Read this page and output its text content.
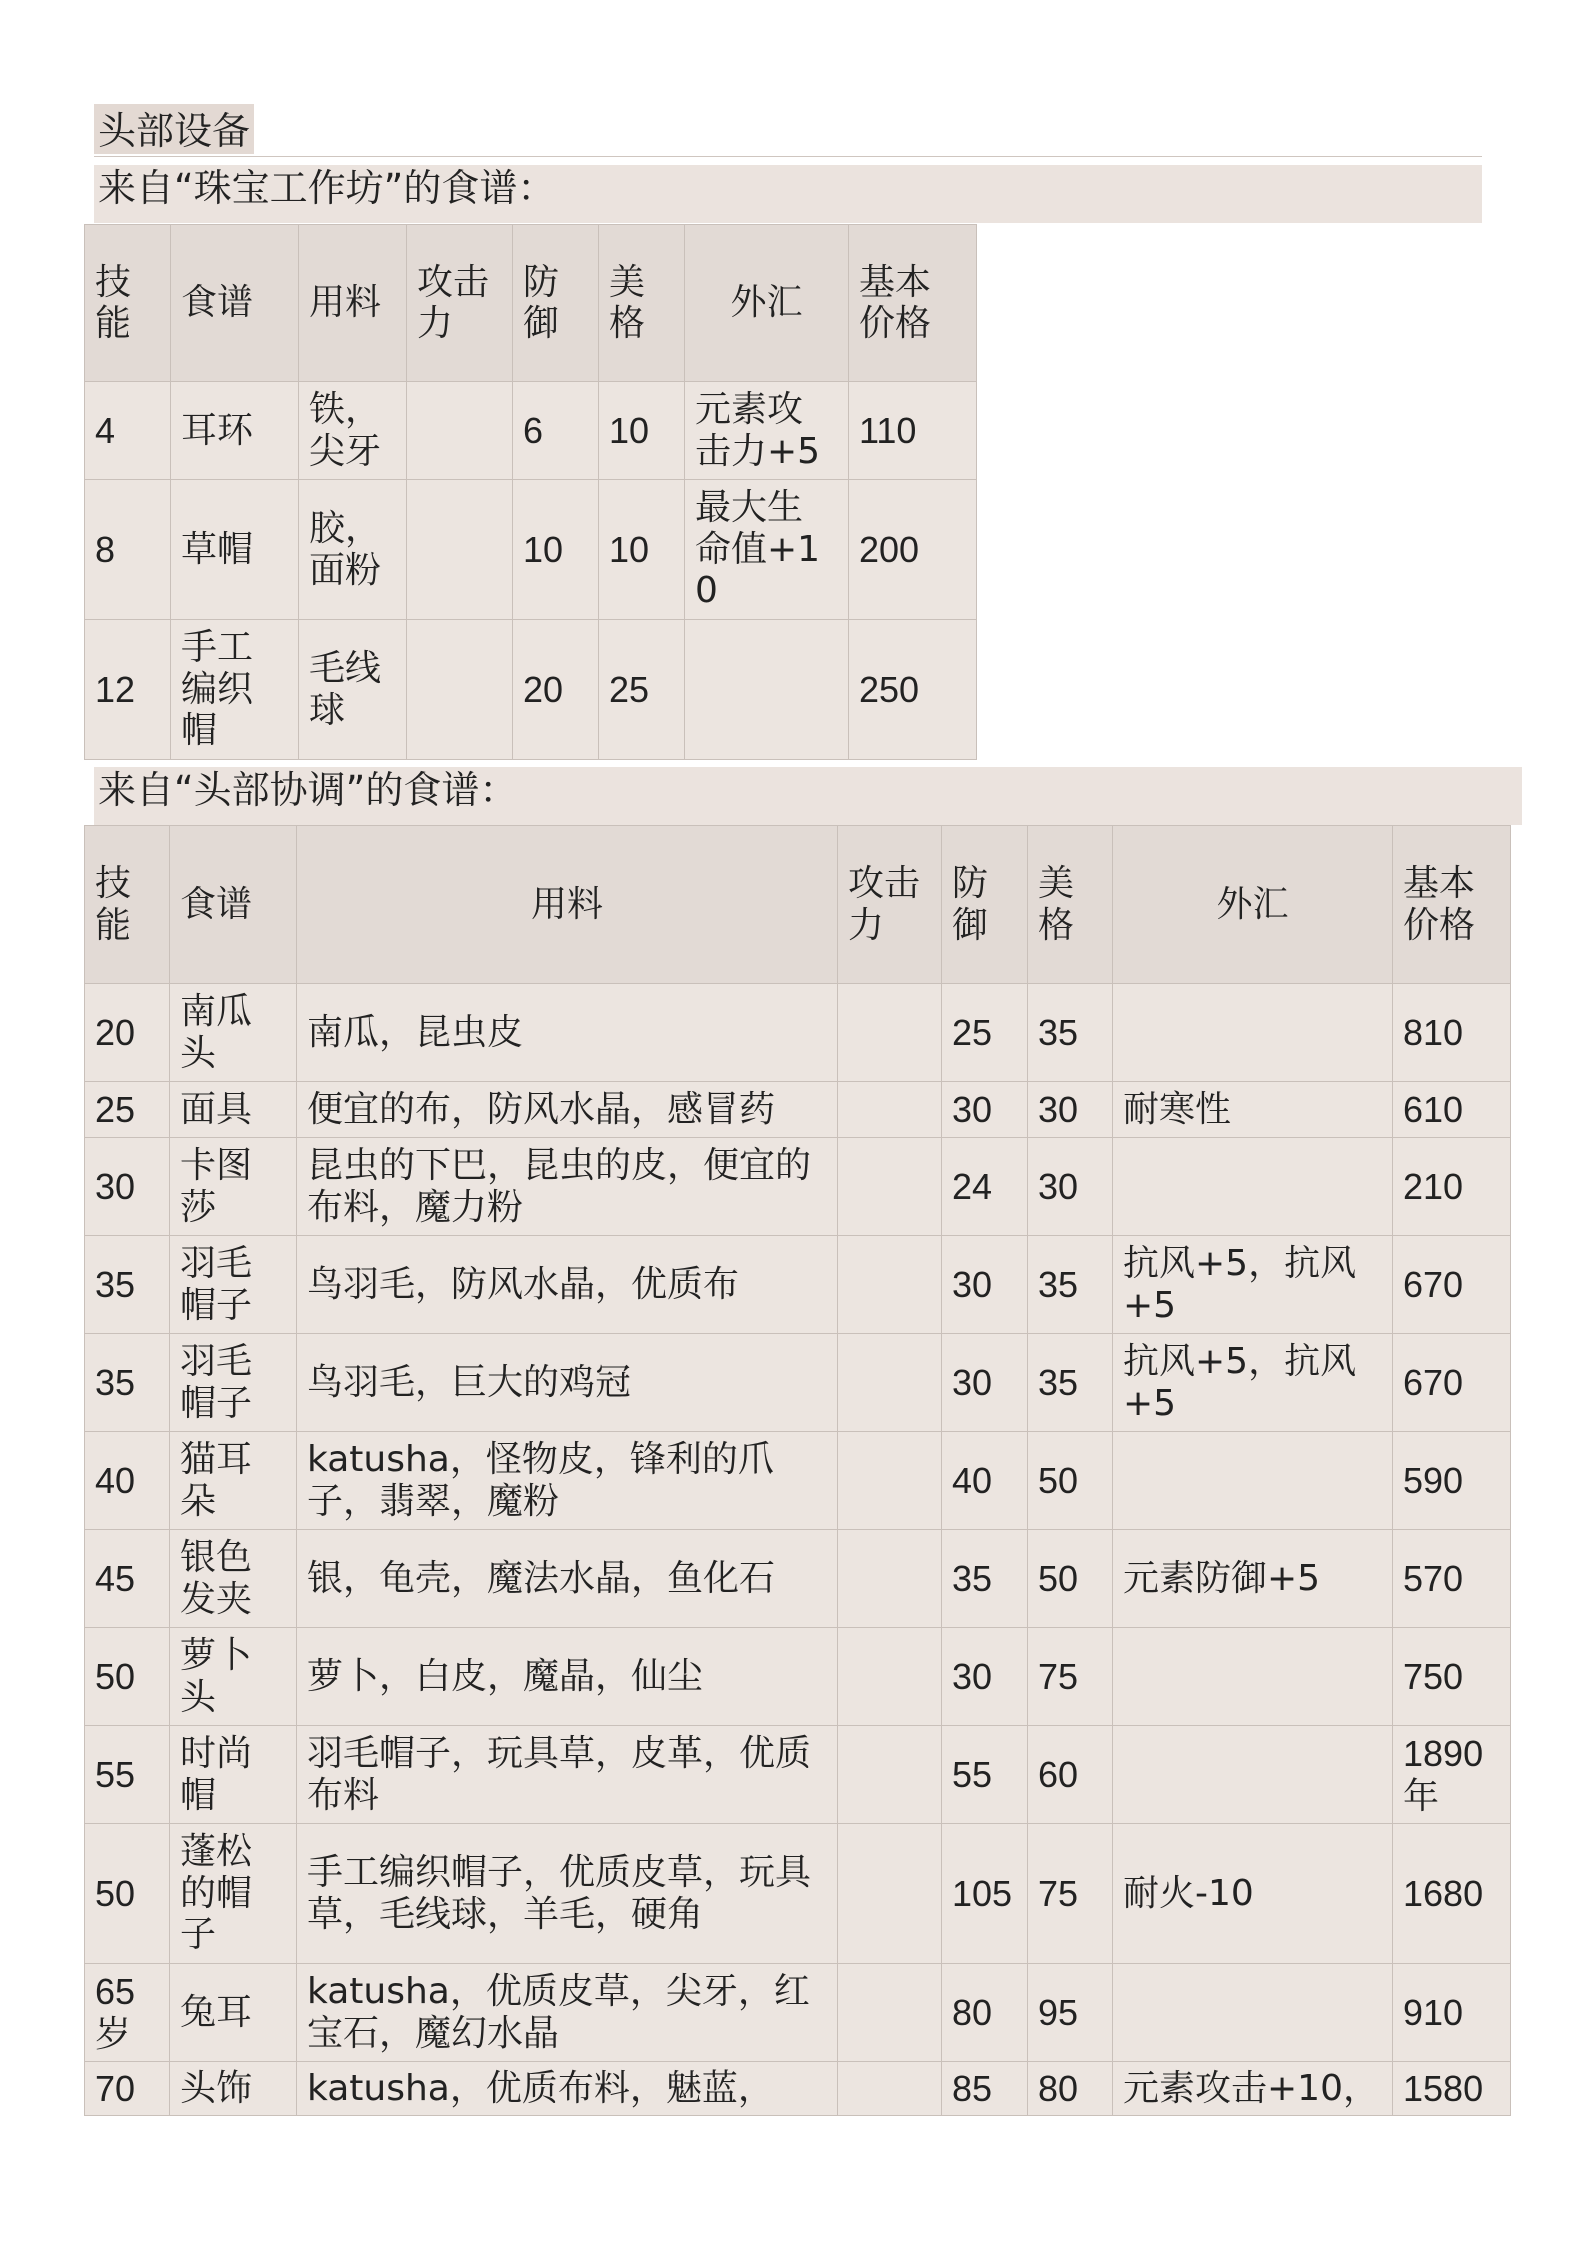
头部设备
来自“珠宝工作坊”的食谱：
技能	食谱	用料	攻击力	防御	美格	外汇	基本价格
4	耳环	铁，尖牙		6	10	元素攻击力+5	110
8	草帽	胶，面粉		10	10	最大生命值+10	200
12	手工编织帽	毛线球		20	25		250
来自“头部协调”的食谱：
技能	食谱	用料	攻击力	防御	美格	外汇	基本价格
20	南瓜头	南瓜，昆虫皮		25	35		810
25	面具	便宜的布，防风水晶，感冒药		30	30	耐寒性	610
30	卡图莎	昆虫的下巴，昆虫的皮，便宜的布料，魔力粉		24	30		210
35	羽毛帽子	鸟羽毛，防风水晶，优质布		30	35	抗风+5，抗风+5	670
35	羽毛帽子	鸟羽毛，巨大的鸡冠		30	35	抗风+5，抗风+5	670
40	猫耳朵	katusha，怪物皮，锋利的爪子，翡翠，魔粉		40	50		590
45	银色发夹	银，龟壳，魔法水晶，鱼化石		35	50	元素防御+5	570
50	萝卜头	萝卜，白皮，魔晶，仙尘		30	75		750
55	时尚帽	羽毛帽子，玩具草，皮革，优质布料		55	60		1890年
50	蓬松的帽子	手工编织帽子，优质皮草，玩具草，毛线球，羊毛，硬角		105	75	耐火-10	1680
65岁	兔耳	katusha，优质皮草，尖牙，红宝石，魔幻水晶		80	95		910
70	头饰	katusha，优质布料，魅蓝，		85	80	元素攻击+10，	1580
